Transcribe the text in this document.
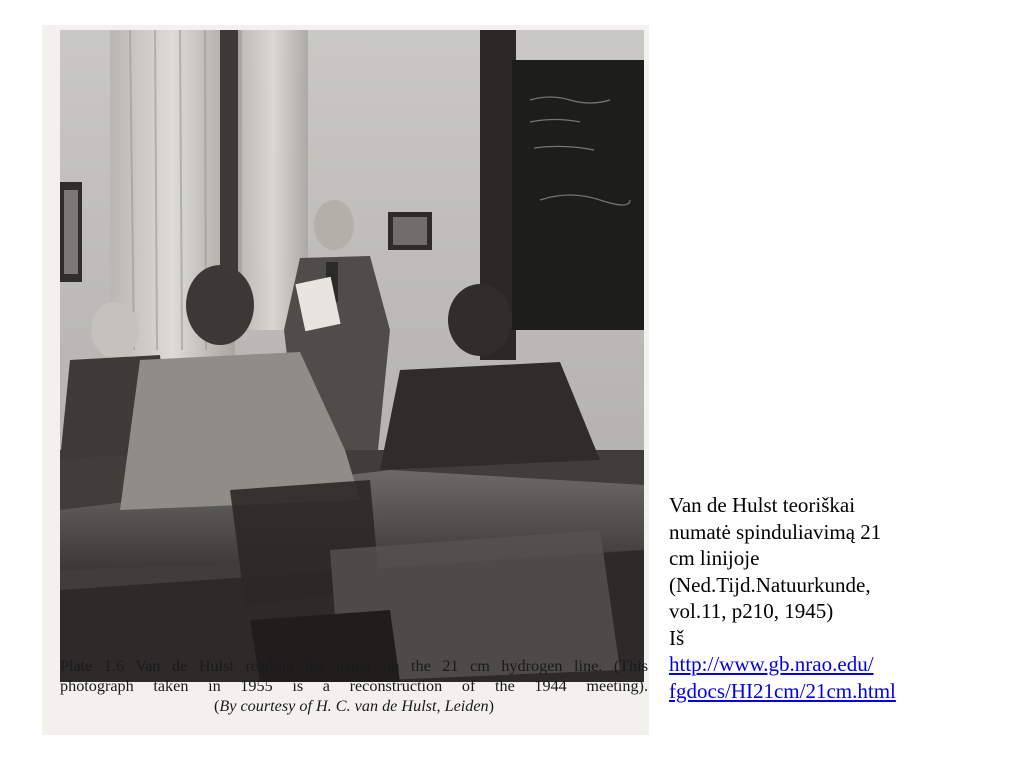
Plate 1.6 Van de Hulst reading his paper on the 21 cm hydrogen line. (This
photograph taken in 1955 is a reconstruction of the 1944 meeting).
(By courtesy of H. C. van de Hulst, Leiden)
Van de Hulst teoriškai
numatė spinduliavimą 21
cm linijoje
(Ned.Tijd.Natuurkunde,
vol.11, p210, 1945)
Iš
http://www.gb.nrao.edu/
fgdocs/HI21cm/21cm.html
